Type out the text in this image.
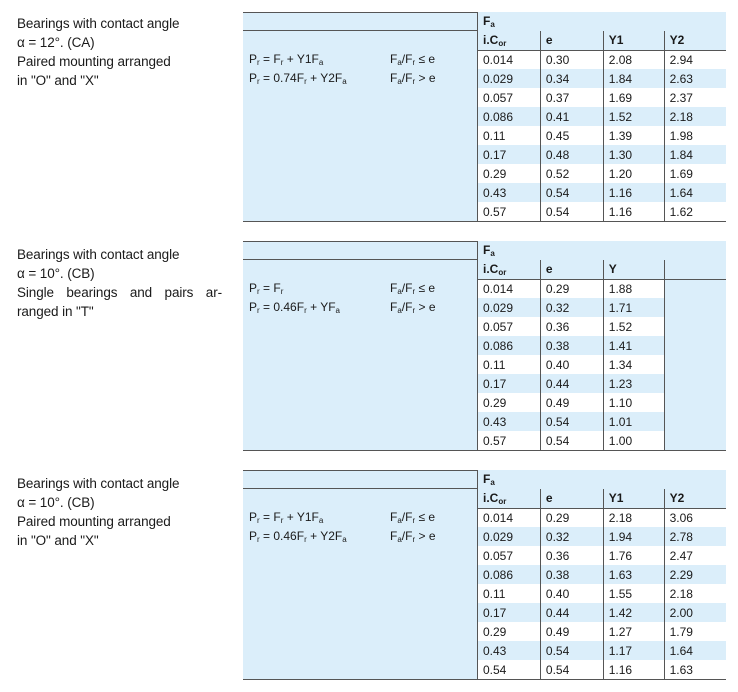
Bearings with contact angle
α = 12°. (CA)
Paired mounting arranged
in "O" and "X"
$P_r = F_r + Y1F_a$	$F_a/F_r \le e$
$P_r = 0.74F_r + Y2F_a$	$F_a/F_r > e$
$F_a$			
$i.C_{or}$	e	Y1	Y2
0.014	0.30	2.08	2.94
0.029	0.34	1.84	2.63
0.057	0.37	1.69	2.37
0.086	0.41	1.52	2.18
0.11	0.45	1.39	1.98
0.17	0.48	1.30	1.84
0.29	0.52	1.20	1.69
0.43	0.54	1.16	1.64
0.57	0.54	1.16	1.62
Bearings with contact angle
α = 10°. (CB)
Single bearings and pairs ar-
ranged in "T"
$P_r = F_r$	$F_a/F_r \le e$
$P_r = 0.46F_r + YF_a$	$F_a/F_r > e$
$F_a$			
$i.C_{or}$	e	Y	
0.014	0.29	1.88	
0.029	0.32	1.71	
0.057	0.36	1.52	
0.086	0.38	1.41	
0.11	0.40	1.34	
0.17	0.44	1.23	
0.29	0.49	1.10	
0.43	0.54	1.01	
0.57	0.54	1.00	
Bearings with contact angle
α = 10°. (CB)
Paired mounting arranged
in "O" and "X"
$P_r = F_r + Y1F_a$	$F_a/F_r \le e$
$P_r = 0.46F_r + Y2F_a$	$F_a/F_r > e$
$F_a$			
$i.C_{or}$	e	Y1	Y2
0.014	0.29	2.18	3.06
0.029	0.32	1.94	2.78
0.057	0.36	1.76	2.47
0.086	0.38	1.63	2.29
0.11	0.40	1.55	2.18
0.17	0.44	1.42	2.00
0.29	0.49	1.27	1.79
0.43	0.54	1.17	1.64
0.54	0.54	1.16	1.63
